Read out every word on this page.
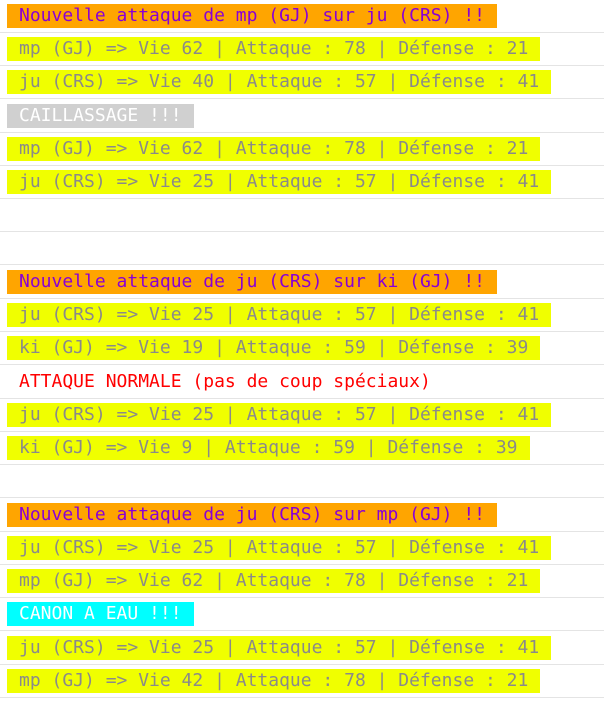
Nouvelle attaque de mp (GJ) sur ju (CRS) !!
mp (GJ) => Vie 62 | Attaque : 78 | Défense : 21
ju (CRS) => Vie 40 | Attaque : 57 | Défense : 41
CAILLASSAGE !!!
mp (GJ) => Vie 62 | Attaque : 78 | Défense : 21
ju (CRS) => Vie 25 | Attaque : 57 | Défense : 41
Nouvelle attaque de ju (CRS) sur ki (GJ) !!
ju (CRS) => Vie 25 | Attaque : 57 | Défense : 41
ki (GJ) => Vie 19 | Attaque : 59 | Défense : 39
ATTAQUE NORMALE (pas de coup spéciaux)
ju (CRS) => Vie 25 | Attaque : 57 | Défense : 41
ki (GJ) => Vie 9 | Attaque : 59 | Défense : 39
Nouvelle attaque de ju (CRS) sur mp (GJ) !!
ju (CRS) => Vie 25 | Attaque : 57 | Défense : 41
mp (GJ) => Vie 62 | Attaque : 78 | Défense : 21
CANON A EAU !!!
ju (CRS) => Vie 25 | Attaque : 57 | Défense : 41
mp (GJ) => Vie 42 | Attaque : 78 | Défense : 21
